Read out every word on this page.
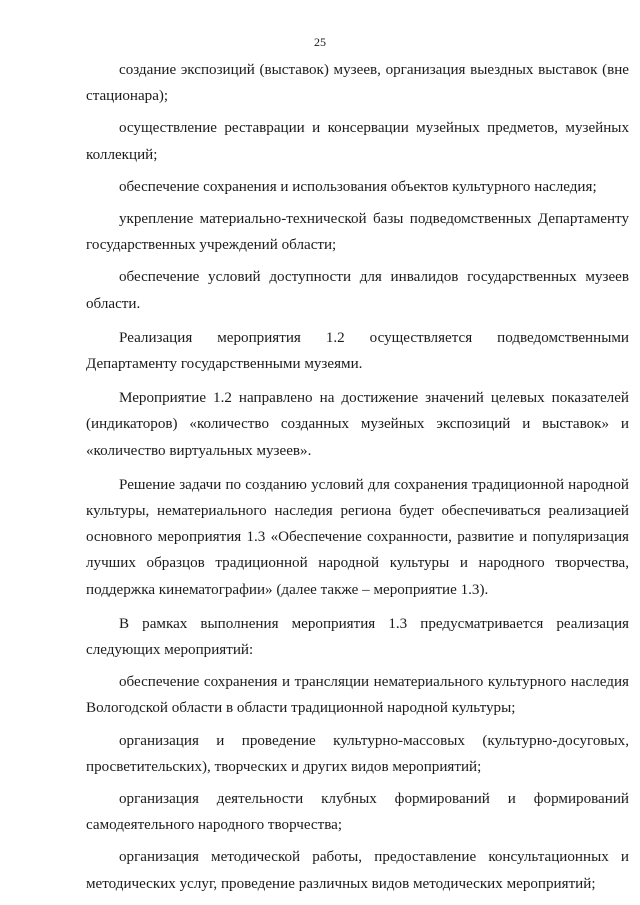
25

создание экспозиций (выставок) музеев, организация выездных выставок (вне стационара);

осуществление реставрации и консервации музейных предметов, музейных коллекций;

обеспечение сохранения и использования объектов культурного наследия;

укрепление материально-технической базы подведомственных Департаменту государственных учреждений области;

обеспечение условий доступности для инвалидов государственных музеев области.

Реализация мероприятия 1.2 осуществляется подведомственными Департаменту государственными музеями.

Мероприятие 1.2 направлено на достижение значений целевых показателей (индикаторов) «количество созданных музейных экспозиций и выставок» и «количество виртуальных музеев».

Решение задачи по созданию условий для сохранения традиционной народной культуры, нематериального наследия региона будет обеспечиваться реализацией основного мероприятия 1.3 «Обеспечение сохранности, развитие и популяризация лучших образцов традиционной народной культуры и народного творчества, поддержка кинематографии» (далее также – мероприятие 1.3).

В рамках выполнения мероприятия 1.3 предусматривается реализация следующих мероприятий:

обеспечение сохранения и трансляции нематериального культурного наследия Вологодской области в области традиционной народной культуры;

организация и проведение культурно-массовых (культурно-досуговых, просветительских), творческих и других видов мероприятий;

организация деятельности клубных формирований и формирований самодеятельного народного творчества;

организация методической работы, предоставление консультационных и методических услуг, проведение различных видов методических мероприятий;
